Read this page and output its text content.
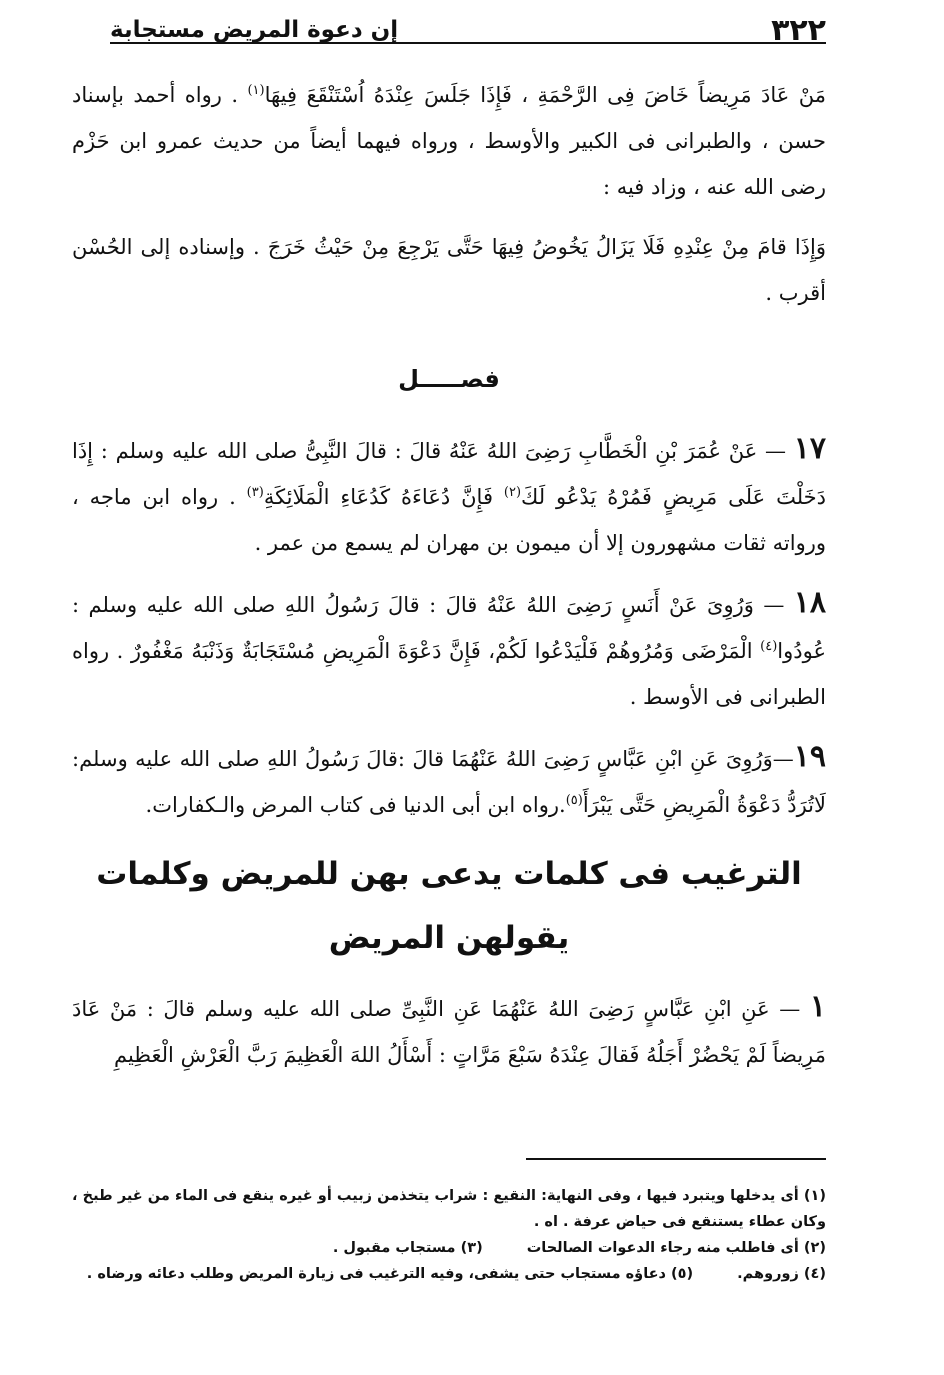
٣٢٢
إن دعوة المريض مستجابة

مَنْ عَادَ مَرِيضاً خَاضَ فِى الرَّحْمَةِ ، فَإِذَا جَلَسَ عِنْدَهُ اُسْتَنْقَعَ فِيهَا$^{(١)}$ . رواه أحمد بإسناد حسن ، والطبرانى فى الكبير والأوسط ، ورواه فيهما أيضاً من حديث عمرو ابن حَزْم رضى الله عنه ، وزاد فيه :

وَإِذَا قامَ مِنْ عِنْدِهِ فَلَا يَزَالُ يَخُوضُ فِيهَا حَتَّى يَرْجِعَ مِنْ حَيْثُ خَرَجَ . وإسناده إلى الحُسْن أقرب .

فصـــــل

١٧ — عَنْ عُمَرَ بْنِ الْخَطَّابِ رَضِىَ اللهُ عَنْهُ قالَ : قالَ النَّبِىُّ صلى الله عليه وسلم : إِذَا دَخَلْتَ عَلَى مَرِيضٍ فَمُرْهُ يَدْعُو لَكَ$^{(٢)}$ فَإِنَّ دُعَاءَهُ كَدُعَاءِ الْمَلَائِكَةِ$^{(٣)}$ . رواه ابن ماجه ، ورواته ثقات مشهورون إلا أن ميمون بن مهران لم يسمع من عمر .

١٨ — وَرُوِىَ عَنْ أَنَسٍ رَضِىَ اللهُ عَنْهُ قالَ : قالَ رَسُولُ اللهِ صلى الله عليه وسلم : عُودُوا$^{(٤)}$ الْمَرْضَى وَمُرُوهُمْ فَلْيَدْعُوا لَكُمْ، فَإِنَّ دَعْوَةَ الْمَرِيضِ مُسْتَجَابَةٌ وَذَنْبَهُ مَغْفُورٌ . رواه الطبرانى فى الأوسط .

١٩—وَرُوِىَ عَنِ ابْنِ عَبَّاسٍ رَضِىَ اللهُ عَنْهُمَا قالَ :قالَ رَسُولُ اللهِ صلى الله عليه وسلم: لَاتُرَدُّ دَعْوَةُ الْمَرِيضِ حَتَّى يَبْرَأَ$^{(٥)}$.رواه ابن أبى الدنيا فى كتاب المرض والـكفارات.

الترغيب فى كلمات يدعى بهن للمريض وكلمات يقولهن المريض

١ — عَنِ ابْنِ عَبَّاسٍ رَضِىَ اللهُ عَنْهُمَا عَنِ النَّبِىِّ صلى الله عليه وسلم قالَ : مَنْ عَادَ مَرِيضاً لَمْ يَحْضُرْ أَجَلُهُ فَقالَ عِنْدَهُ سَبْعَ مَرَّاتٍ : أَسْأَلُ اللهَ الْعَظِيمَ رَبَّ الْعَرْشِ الْعَظِيمِ

(١) أى يدخلها ويتبرد فيها ، وفى النهاية: النقيع : شراب يتخذمن زبيب أو غيره ينقع فى الماء من غير طبخ ، وكان عطاء يستنقع فى حياض عرفة . اه .

(٢) أى فاطلب منه رجاء الدعوات الصالحات
(٣) مستجاب مقبول .
(٤) زوروهم.
(٥) دعاؤه مستجاب حتى يشفى، وفيه الترغيب فى زيارة المريض وطلب دعائه ورضاه .
